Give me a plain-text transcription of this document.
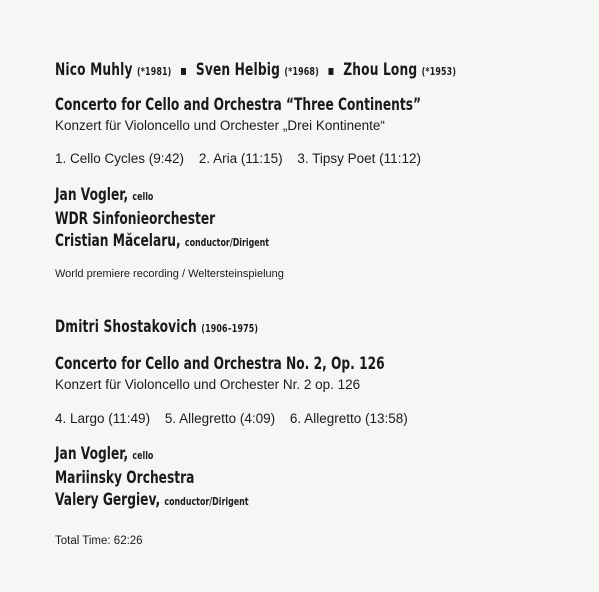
Nico Muhly (*1981) ▪ Sven Helbig (*1968) ▪ Zhou Long (*1953)
Concerto for Cello and Orchestra “Three Continents”
Konzert für Violoncello und Orchester „Drei Kontinente“
1. Cello Cycles (9:42) 2. Aria (11:15) 3. Tipsy Poet (11:12)
Jan Vogler, cello
WDR Sinfonieorchester
Cristian Măcelaru, conductor/Dirigent
World premiere recording / Weltersteinspielung
Dmitri Shostakovich (1906–1975)
Concerto for Cello and Orchestra No. 2, Op. 126
Konzert für Violoncello und Orchester Nr. 2 op. 126
4. Largo (11:49) 5. Allegretto (4:09) 6. Allegretto (13:58)
Jan Vogler, cello
Mariinsky Orchestra
Valery Gergiev, conductor/Dirigent
Total Time: 62:26
